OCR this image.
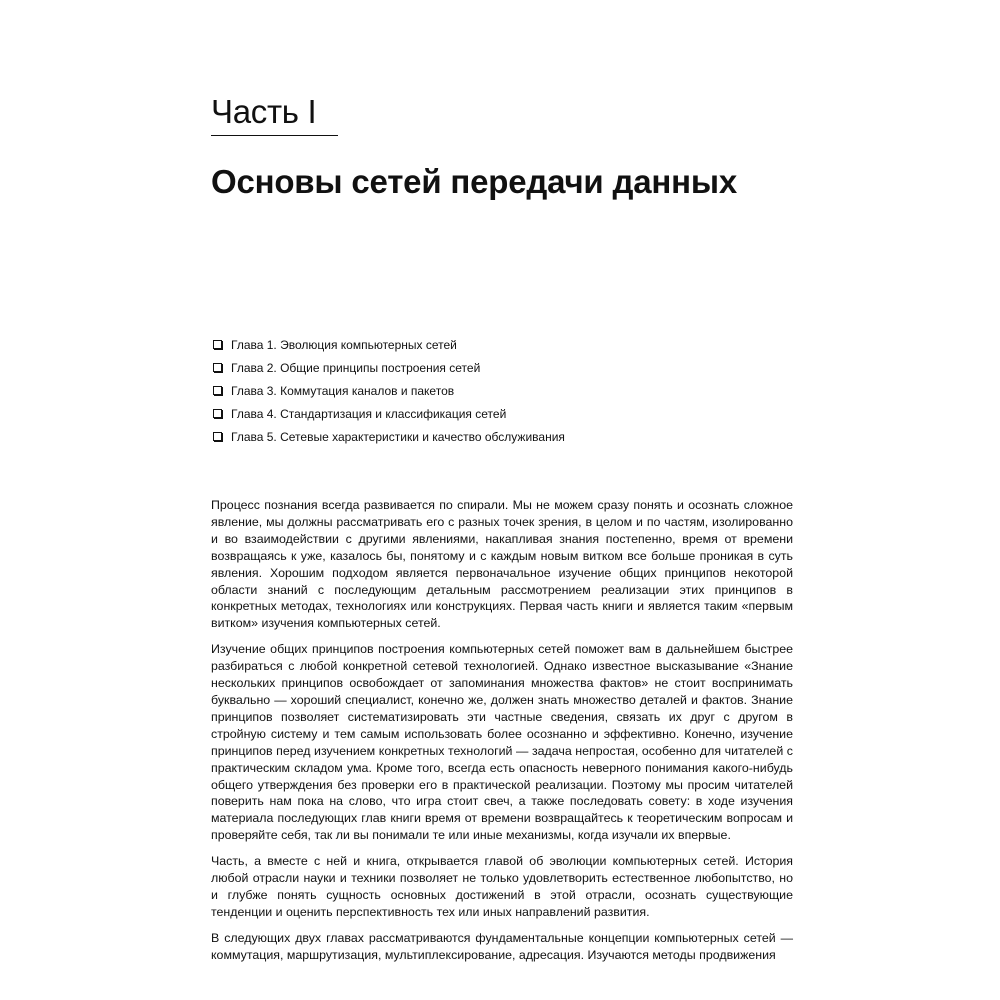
Часть I
Основы сетей передачи данных
Глава 1. Эволюция компьютерных сетей
Глава 2. Общие принципы построения сетей
Глава 3. Коммутация каналов и пакетов
Глава 4. Стандартизация и классификация сетей
Глава 5. Сетевые характеристики и качество обслуживания

Процесс познания всегда развивается по спирали. Мы не можем сразу понять и осознать сложное явление, мы должны рассматривать его с разных точек зрения, в целом и по частям, изолированно и во взаимодействии с другими явлениями, накапливая знания постепенно, время от времени возвращаясь к уже, казалось бы, понятому и с каждым новым витком все больше проникая в суть явления. Хорошим подходом является первоначальное изучение общих принципов некоторой области знаний с последующим детальным рассмотрением реализации этих принципов в конкретных методах, технологиях или конструкциях. Первая часть книги и является таким «первым витком» изучения компьютерных сетей.

Изучение общих принципов построения компьютерных сетей поможет вам в дальнейшем быстрее разбираться с любой конкретной сетевой технологией. Однако известное высказывание «Знание нескольких принципов освобождает от запоминания множества фактов» не стоит воспринимать буквально — хороший специалист, конечно же, должен знать множество деталей и фактов. Знание принципов позволяет систематизировать эти частные сведения, связать их друг с другом в стройную систему и тем самым использовать более осознанно и эффективно. Конечно, изучение принципов перед изучением конкретных технологий — задача непростая, особенно для читателей с практическим складом ума. Кроме того, всегда есть опасность неверного понимания какого-нибудь общего утверждения без проверки его в практической реализации. Поэтому мы просим читателей поверить нам пока на слово, что игра стоит свеч, а также последовать совету: в ходе изучения материала последующих глав книги время от времени возвращайтесь к теоретическим вопросам и проверяйте себя, так ли вы понимали те или иные механизмы, когда изучали их впервые.

Часть, а вместе с ней и книга, открывается главой об эволюции компьютерных сетей. История любой отрасли науки и техники позволяет не только удовлетворить естественное любопытство, но и глубже понять сущность основных достижений в этой отрасли, осознать существующие тенденции и оценить перспективность тех или иных направлений развития.

В следующих двух главах рассматриваются фундаментальные концепции компьютерных сетей — коммутация, маршрутизация, мультиплексирование, адресация. Изучаются методы продвижения
